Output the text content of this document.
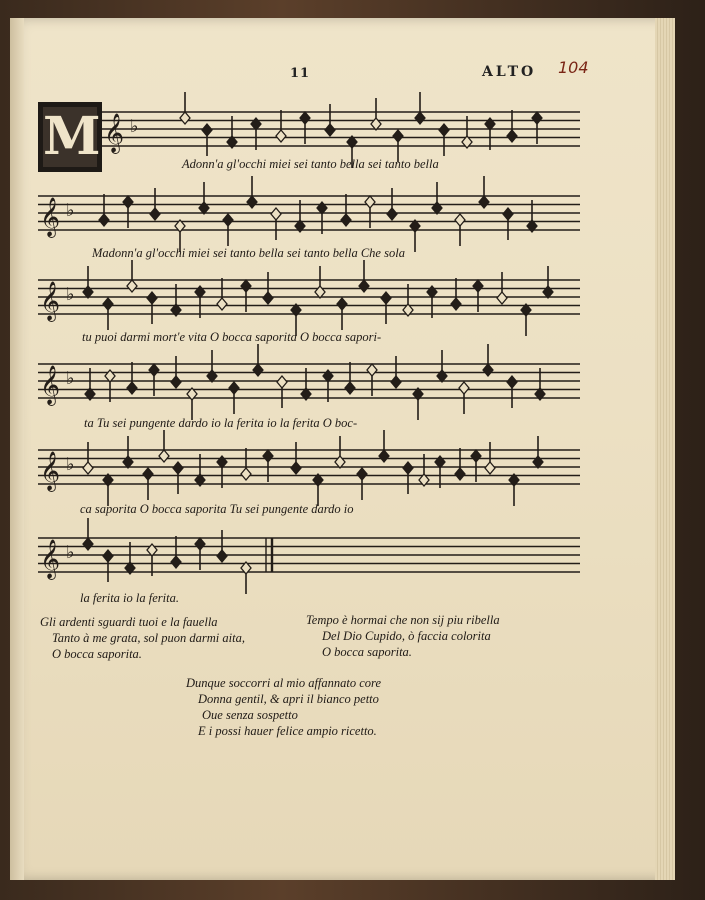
11	ALTO 104
M 𝄞 ♭
𝄞 ♭
𝄞 ♭
𝄞 ♭
𝄞 ♭
𝄞 ♭
Adonn'a gl'occhi miei sei tanto bella sei tanto bella
Madonn'a gl'occhi miei sei tanto bella sei tanto bella Che sola
tu puoi darmi mort'e vita O bocca saporita O bocca sapori-
ta Tu sei pungente dardo io la ferita io la ferita O boc-
ca saporita O bocca saporita Tu sei pungente dardo io
la ferita io la ferita.
Gli ardenti sguardi tuoi e la fauella
Tanto à me grata, sol puon darmi aita,
O bocca saporita.
Tempo è hormai che non sij piu ribella
Del Dio Cupido, ò faccia colorita
O bocca saporita.
Dunque soccorri al mio affannato core
Donna gentil, & apri il bianco petto
Oue senza sospetto
E i possi hauer felice ampio ricetto.
